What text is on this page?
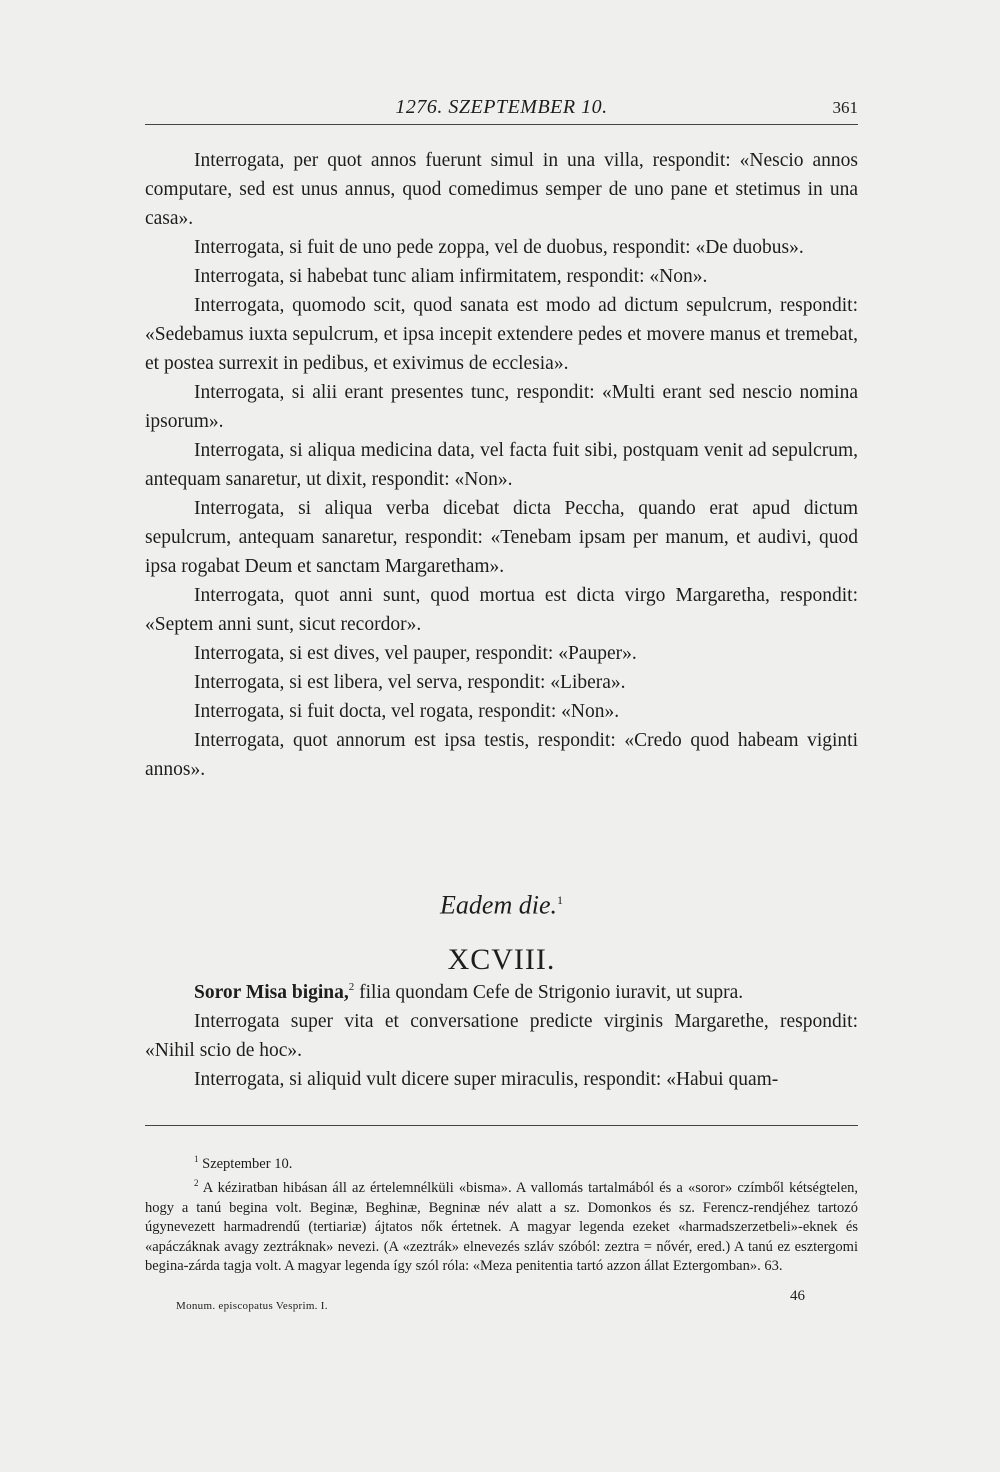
1276. SZEPTEMBER 10.	361

Interrogata, per quot annos fuerunt simul in una villa, respondit: «Nescio annos computare, sed est unus annus, quod comedimus semper de uno pane et stetimus in una casa».

Interrogata, si fuit de uno pede zoppa, vel de duobus, respondit: «De duobus».

Interrogata, si habebat tunc aliam infirmitatem, respondit: «Non».

Interrogata, quomodo scit, quod sanata est modo ad dictum sepulcrum, respondit: «Sedebamus iuxta sepulcrum, et ipsa incepit extendere pedes et movere manus et tremebat, et postea surrexit in pedibus, et exivimus de ecclesia».

Interrogata, si alii erant presentes tunc, respondit: «Multi erant sed nescio nomina ipsorum».

Interrogata, si aliqua medicina data, vel facta fuit sibi, postquam venit ad sepulcrum, antequam sanaretur, ut dixit, respondit: «Non».

Interrogata, si aliqua verba dicebat dicta Peccha, quando erat apud dictum sepulcrum, antequam sanaretur, respondit: «Tenebam ipsam per manum, et audivi, quod ipsa rogabat Deum et sanctam Margaretham».

Interrogata, quot anni sunt, quod mortua est dicta virgo Margaretha, respondit: «Septem anni sunt, sicut recordor».

Interrogata, si est dives, vel pauper, respondit: «Pauper».

Interrogata, si est libera, vel serva, respondit: «Libera».

Interrogata, si fuit docta, vel rogata, respondit: «Non».

Interrogata, quot annorum est ipsa testis, respondit: «Credo quod habeam viginti annos».

Eadem die.$^1$
XCVIII.

Soror Misa bigina,$^2$ filia quondam Cefe de Strigonio iuravit, ut supra.

Interrogata super vita et conversatione predicte virginis Margarethe, respondit: «Nihil scio de hoc».

Interrogata, si aliquid vult dicere super miraculis, respondit: «Habui quam-

$^1$ Szeptember 10.

$^2$ A kéziratban hibásan áll az értelemnélküli «bisma». A vallomás tartalmából és a «soror» czímből kétségtelen, hogy a tanú begina volt. Beginæ, Beghinæ, Begninæ név alatt a sz. Domonkos és sz. Ferencz-rendjéhez tartozó úgynevezett harmadrendű (tertiariæ) ájtatos nők értetnek. A magyar legenda ezeket «harmadszerzetbeli»-eknek és «apáczáknak avagy zeztráknak» nevezi. (A «zeztrák» elnevezés szláv szóból: zeztra = nővér, ered.) A tanú ez esztergomi begina-zárda tagja volt. A magyar legenda így szól róla: «Meza penitentia tartó azzon állat Eztergomban». 63.

Monum. episcopatus Vesprim. I.
46
